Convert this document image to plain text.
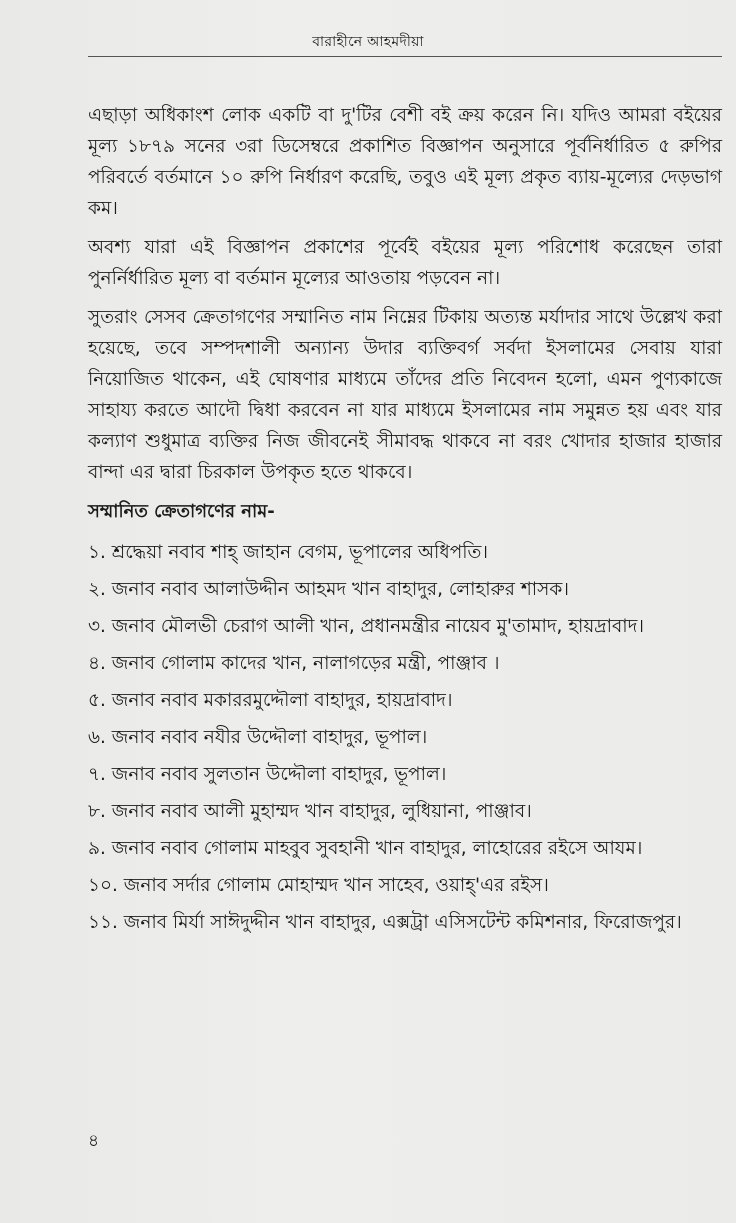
বারাহীনে আহমদীয়া

এছাড়া অধিকাংশ লোক একটি বা দু'টির বেশী বই ক্রয় করেন নি। যদিও আমরা বইয়ের মূল্য ১৮৭৯ সনের ৩রা ডিসেম্বরে প্রকাশিত বিজ্ঞাপন অনুসারে পূর্বনির্ধারিত ৫ রুপির পরিবর্তে বর্তমানে ১০ রুপি নির্ধারণ করেছি, তবুও এই মূল্য প্রকৃত ব্যায়-মূল্যের দেড়ভাগ কম।

অবশ্য যারা এই বিজ্ঞাপন প্রকাশের পূর্বেই বইয়ের মূল্য পরিশোধ করেছেন তারা পুনর্নির্ধারিত মূল্য বা বর্তমান মূল্যের আওতায় পড়বেন না।

সুতরাং সেসব ক্রেতাগণের সম্মানিত নাম নিম্নের টিকায় অত্যন্ত মর্যাদার সাথে উল্লেখ করা হয়েছে, তবে সম্পদশালী অন্যান্য উদার ব্যক্তিবর্গ সর্বদা ইসলামের সেবায় যারা নিয়োজিত থাকেন, এই ঘোষণার মাধ্যমে তাঁদের প্রতি নিবেদন হলো, এমন পুণ্যকাজে সাহায্য করতে আদৌ দ্বিধা করবেন না যার মাধ্যমে ইসলামের নাম সমুন্নত হয় এবং যার কল্যাণ শুধুমাত্র ব্যক্তির নিজ জীবনেই সীমাবদ্ধ থাকবে না বরং খোদার হাজার হাজার বান্দা এর দ্বারা চিরকাল উপকৃত হতে থাকবে।

সম্মানিত ক্রেতাগণের নাম-
১. শ্রদ্ধেয়া নবাব শাহ্ জাহান বেগম, ভূপালের অধিপতি।
২. জনাব নবাব আলাউদ্দীন আহমদ খান বাহাদুর, লোহারুর শাসক।
৩. জনাব মৌলভী চেরাগ আলী খান, প্রধানমন্ত্রীর নায়েব মু'তামাদ, হায়দ্রাবাদ।
৪. জনাব গোলাম কাদের খান, নালাগড়ের মন্ত্রী, পাঞ্জাব ।
৫. জনাব নবাব মকাররমুদ্দৌলা বাহাদুর, হায়দ্রাবাদ।
৬. জনাব নবাব নযীর উদ্দৌলা বাহাদুর, ভূপাল।
৭. জনাব নবাব সুলতান উদ্দৌলা বাহাদুর, ভূপাল।
৮. জনাব নবাব আলী মুহাম্মদ খান বাহাদুর, লুধিয়ানা, পাঞ্জাব।
৯. জনাব নবাব গোলাম মাহবুব সুবহানী খান বাহাদুর, লাহোরের রইসে আযম।
১০. জনাব সর্দার গোলাম মোহাম্মদ খান সাহেব, ওয়াহ্'এর রইস।
১১. জনাব মির্যা সাঈদুদ্দীন খান বাহাদুর, এক্সট্রা এসিসটেন্ট কমিশনার, ফিরোজপুর।
৪
